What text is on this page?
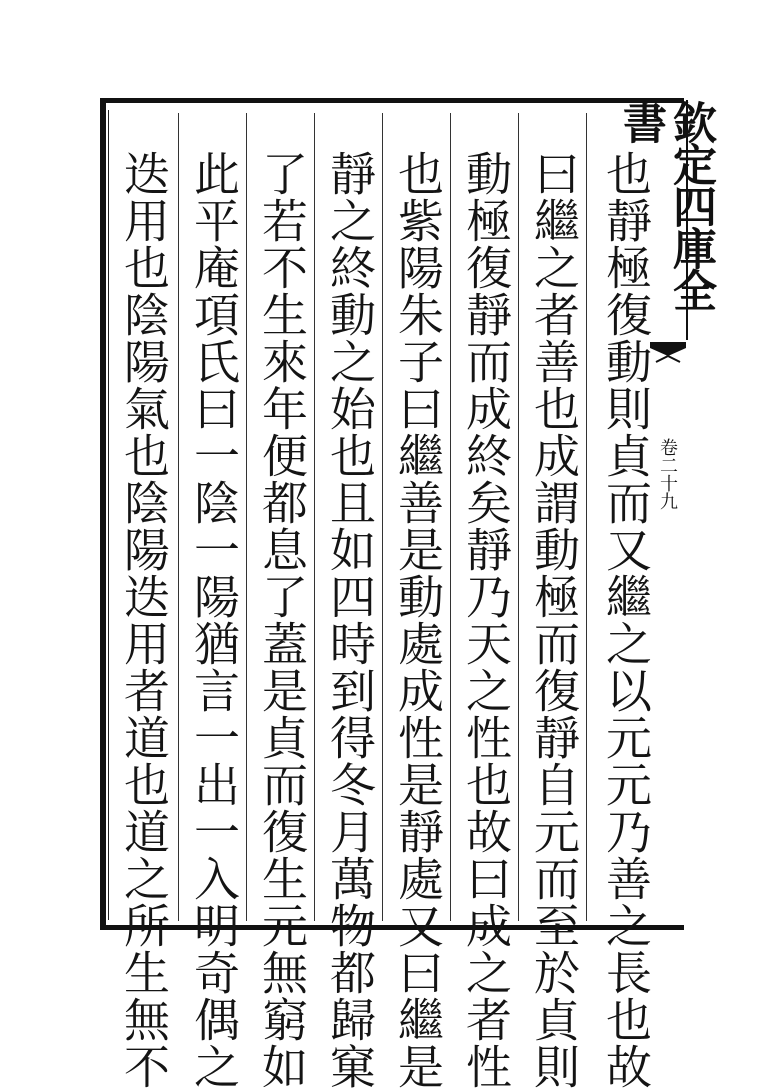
欽定四庫全書
卷二十九
也靜極復動則貞而又繼之以元元乃善之長也故
曰繼之者善也成謂動極而復靜自元而至於貞則
動極復靜而成終矣靜乃天之性也故曰成之者性
也紫陽朱子曰繼善是動處成性是靜處又曰繼是
靜之終動之始也且如四時到得冬月萬物都歸窠
了若不生來年便都息了蓋是貞而復生元無窮如
此平庵項氏曰一陰一陽猶言一出一入明奇偶之
迭用也陰陽氣也陰陽迭用者道也道之所生無不
